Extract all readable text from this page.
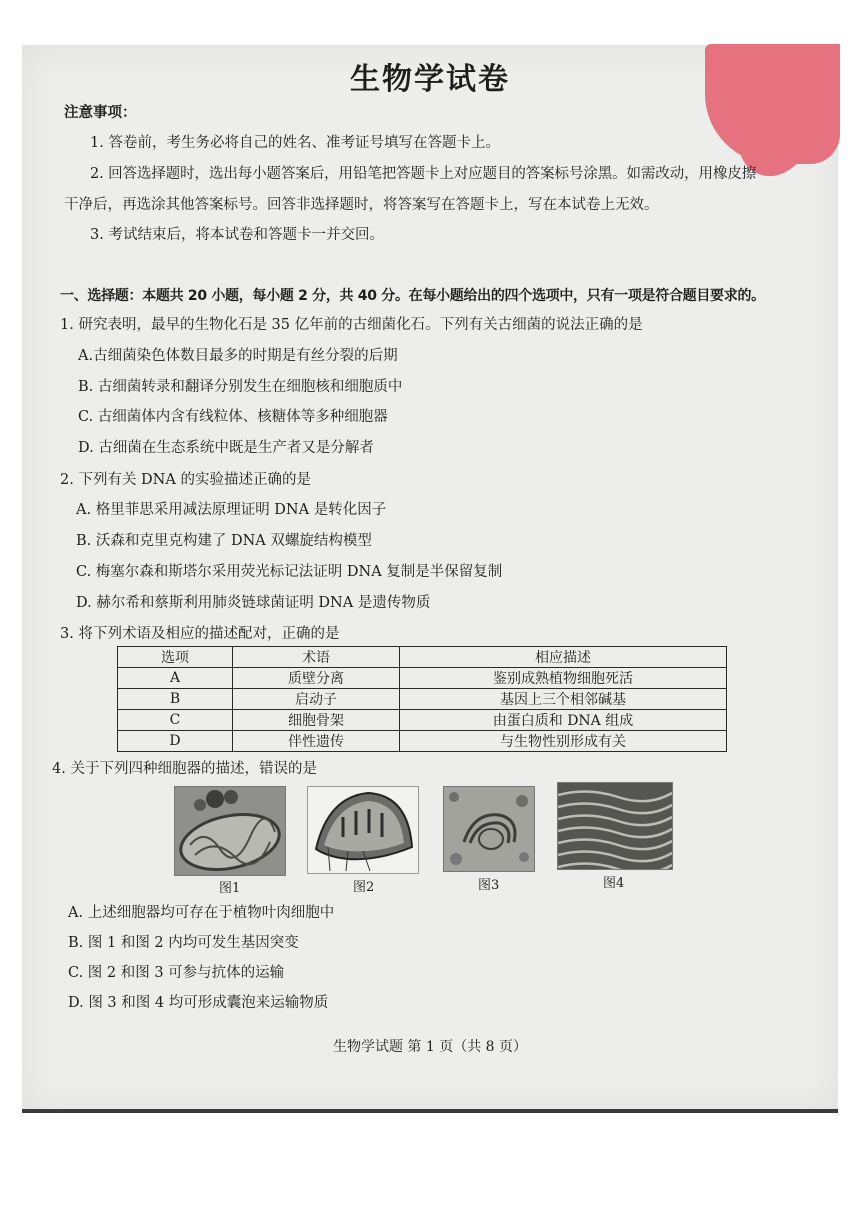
生物学试卷
注意事项：
1. 答卷前，考生务必将自己的姓名、准考证号填写在答题卡上。
2. 回答选择题时，选出每小题答案后，用铅笔把答题卡上对应题目的答案标号涂黑。如需改动，用橡皮擦
干净后，再选涂其他答案标号。回答非选择题时，将答案写在答题卡上，写在本试卷上无效。
3. 考试结束后，将本试卷和答题卡一并交回。
一、选择题：本题共 20 小题，每小题 2 分，共 40 分。在每小题给出的四个选项中，只有一项是符合题目要求的。
1. 研究表明，最早的生物化石是 35 亿年前的古细菌化石。下列有关古细菌的说法正确的是
A.古细菌染色体数目最多的时期是有丝分裂的后期
B. 古细菌转录和翻译分别发生在细胞核和细胞质中
C. 古细菌体内含有线粒体、核糖体等多种细胞器
D. 古细菌在生态系统中既是生产者又是分解者
2. 下列有关 DNA 的实验描述正确的是
A. 格里菲思采用减法原理证明 DNA 是转化因子
B. 沃森和克里克构建了 DNA 双螺旋结构模型
C. 梅塞尔森和斯塔尔采用荧光标记法证明 DNA 复制是半保留复制
D. 赫尔希和蔡斯利用肺炎链球菌证明 DNA 是遗传物质
3. 将下列术语及相应的描述配对，正确的是
选项	术语	相应描述
A	质壁分离	鉴别成熟植物细胞死活
B	启动子	基因上三个相邻碱基
C	细胞骨架	由蛋白质和 DNA 组成
D	伴性遗传	与生物性别形成有关
4. 关于下列四种细胞器的描述，错误的是
图1	图2	图3	图4
A. 上述细胞器均可存在于植物叶肉细胞中
B. 图 1 和图 2 内均可发生基因突变
C. 图 2 和图 3 可参与抗体的运输
D. 图 3 和图 4 均可形成囊泡来运输物质
生物学试题 第 1 页（共 8 页）
